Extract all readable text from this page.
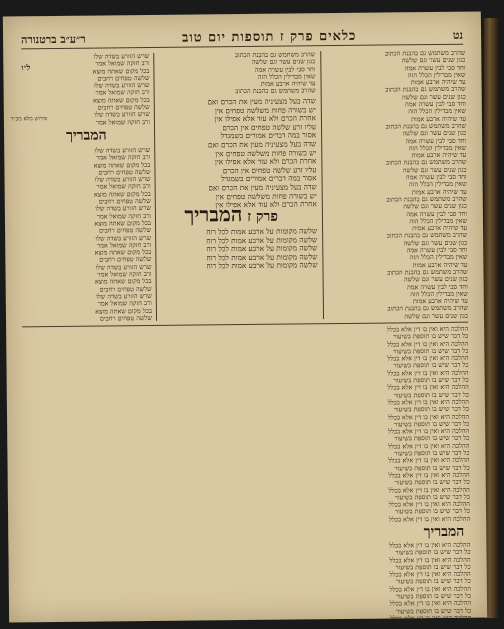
נט
כלאים פרק ז תוספות יום טוב
ר״ע״ב ברטנורה
ל״ו
פירוש מלא מכ״ד
שהרב משתמש גם בהבנת הכתוב
כגון שנים עשר וגם שלשה
וחד סבי לבין עשרה אמה
שאין מבדילין הכלל הזה
עד שיהיה ארבע אמות
שהרב משתמש גם בהבנת הכתוב
כגון שנים עשר וגם שלשה
וחד סבי לבין עשרה אמה
שאין מבדילין הכלל הזה
עד שיהיה ארבע אמות
שהרב משתמש גם בהבנת הכתוב
כגון שנים עשר וגם שלשה
וחד סבי לבין עשרה אמה
שאין מבדילין הכלל הזה
עד שיהיה ארבע אמות
שהרב משתמש גם בהבנת הכתוב
כגון שנים עשר וגם שלשה
וחד סבי לבין עשרה אמה
שאין מבדילין הכלל הזה
עד שיהיה ארבע אמות
שהרב משתמש גם בהבנת הכתוב
כגון שנים עשר וגם שלשה
וחד סבי לבין עשרה אמה
שאין מבדילין הכלל הזה
עד שיהיה ארבע אמות
שהרב משתמש גם בהבנת הכתוב
כגון שנים עשר וגם שלשה
וחד סבי לבין עשרה אמה
שאין מבדילין הכלל הזה
עד שיהיה ארבע אמות
שהרב משתמש גם בהבנת הכתוב
כגון שנים עשר וגם שלשה
וחד סבי לבין עשרה אמה
שאין מבדילין הכלל הזה
עד שיהיה ארבע אמות
שהרב משתמש גם בהבנת הכתוב
כגון שנים עשר וגם שלשה
שדה בעל מצעיניה מעין את הכרם ואם
יש בשורה פחות משלשה טפחים אין
אחרת הכרם ולא עוד אלא אפילו אין
עליו זרע שלשה טפחים אין הכרם
אסור במה דברים אמורים בשמגדל
שדה בעל מצעיניה מעין את הכרם ואם
יש בשורה פחות משלשה טפחים אין
אחרת הכרם ולא עוד אלא אפילו אין
עליו זרע שלשה טפחים אין הכרם
אסור במה דברים אמורים בשמגדל
שדה בעל מצעיניה מעין את הכרם ואם
יש בשורה פחות משלשה טפחים אין
אחרת הכרם ולא עוד אלא אפילו אין
שהרב משתמש גם בהבנת הכתוב
כגון שנים עשר וגם שלשה
וחד סבי לבין עשרה אמה
שאין מבדילין הכלל הזה
עד שיהיה ארבע אמות
שהרב משתמש גם בהבנת הכתוב
פרק ז המבריך
שלשה מקומות על ארבע אמות לכל רוח
שלשה מקומות על ארבע אמות לכל רוח
שלשה מקומות על ארבע אמות לכל רוח
שלשה מקומות על ארבע אמות לכל רוח
שלשה מקומות על ארבע אמות לכל רוח
המבריך
שרש הזורע בשדה שלו
ורב חזקה שמואל אמר
בכל מקום שאתה מוצא
שלשה טפחים רחבים
שרש הזורע בשדה שלו
ורב חזקה שמואל אמר
בכל מקום שאתה מוצא
שלשה טפחים רחבים
שרש הזורע בשדה שלו
ורב חזקה שמואל אמר
בכל מקום שאתה מוצא
שלשה טפחים רחבים
שרש הזורע בשדה שלו
ורב חזקה שמואל אמר
בכל מקום שאתה מוצא
שלשה טפחים רחבים
שרש הזורע בשדה שלו
ורב חזקה שמואל אמר
בכל מקום שאתה מוצא
שלשה טפחים רחבים
שרש הזורע בשדה שלו
ורב חזקה שמואל אמר
בכל מקום שאתה מוצא
שלשה טפחים רחבים
שרש הזורע בשדה שלו
ורב חזקה שמואל אמר
בכל מקום שאתה מוצא
שלשה טפחים רחבים
שרש הזורע בשדה שלו
ורב חזקה שמואל אמר
בכל מקום שאתה מוצא
שלשה טפחים רחבים
שרש הזורע בשדה שלו
ורב חזקה שמואל אמר
ההלכה היא ואין בו דין אלא בכלל
כל דבר שיש בו תוספת בשיעור
ההלכה היא ואין בו דין אלא בכלל
כל דבר שיש בו תוספת בשיעור
ההלכה היא ואין בו דין אלא בכלל
כל דבר שיש בו תוספת בשיעור
ההלכה היא ואין בו דין אלא בכלל
כל דבר שיש בו תוספת בשיעור
ההלכה היא ואין בו דין אלא בכלל
כל דבר שיש בו תוספת בשיעור
ההלכה היא ואין בו דין אלא בכלל
כל דבר שיש בו תוספת בשיעור
ההלכה היא ואין בו דין אלא בכלל
כל דבר שיש בו תוספת בשיעור
ההלכה היא ואין בו דין אלא בכלל
כל דבר שיש בו תוספת בשיעור
ההלכה היא ואין בו דין אלא בכלל
כל דבר שיש בו תוספת בשיעור
ההלכה היא ואין בו דין אלא בכלל
כל דבר שיש בו תוספת בשיעור
ההלכה היא ואין בו דין אלא בכלל
כל דבר שיש בו תוספת בשיעור
ההלכה היא ואין בו דין אלא בכלל
כל דבר שיש בו תוספת בשיעור
ההלכה היא ואין בו דין אלא בכלל
כל דבר שיש בו תוספת בשיעור
ההלכה היא ואין בו דין אלא בכלל
המבריך
ההלכה היא ואין בו דין אלא בכלל
כל דבר שיש בו תוספת בשיעור
ההלכה היא ואין בו דין אלא בכלל
כל דבר שיש בו תוספת בשיעור
ההלכה היא ואין בו דין אלא בכלל
כל דבר שיש בו תוספת בשיעור
ההלכה היא ואין בו דין אלא בכלל
כל דבר שיש בו תוספת בשיעור
ההלכה היא ואין בו דין אלא בכלל
כל דבר שיש בו תוספת בשיעור
ההלכה היא ואין בו דין אלא בכלל
